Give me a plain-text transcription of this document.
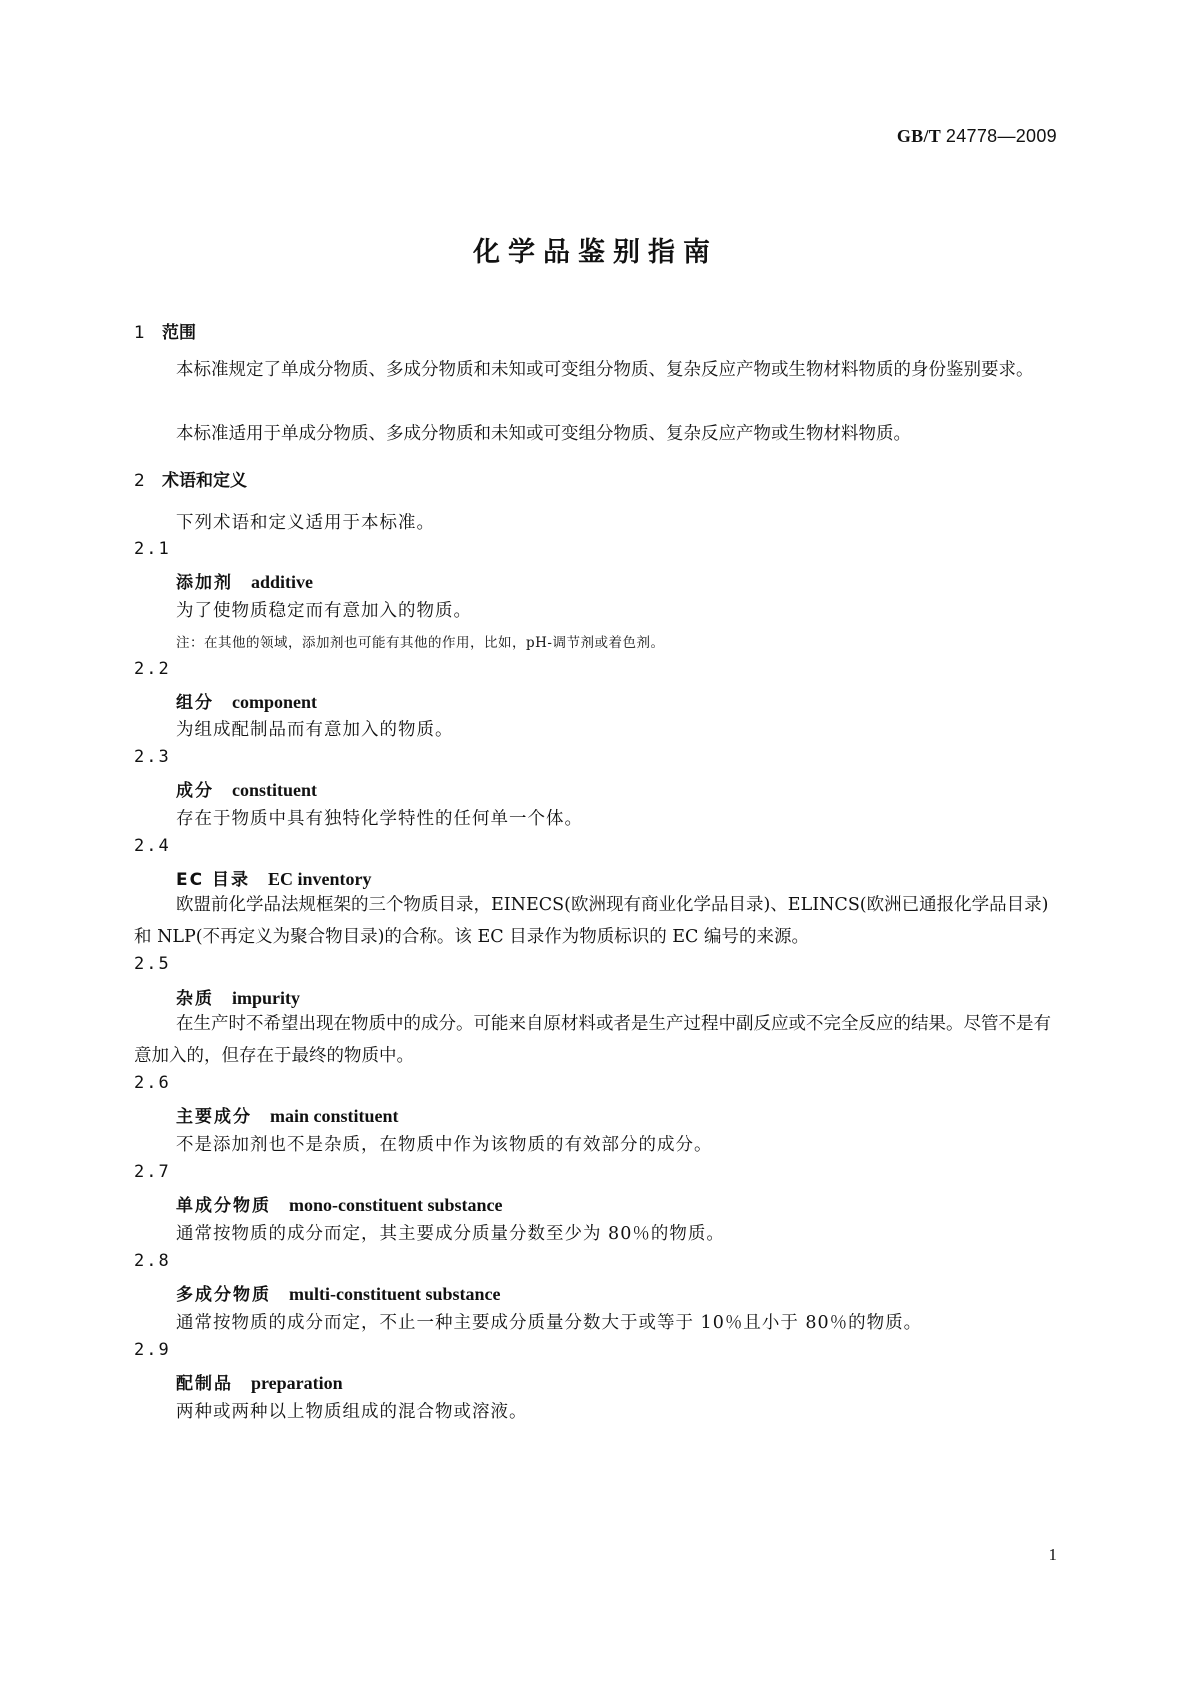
GB/T 24778—2009
化学品鉴别指南
1 范围
本标准规定了单成分物质、多成分物质和未知或可变组分物质、复杂反应产物或生物材料物质的身份鉴别要求。
本标准适用于单成分物质、多成分物质和未知或可变组分物质、复杂反应产物或生物材料物质。
2 术语和定义
下列术语和定义适用于本标准。
2.1
添加剂 additive
为了使物质稳定而有意加入的物质。
注：在其他的领域，添加剂也可能有其他的作用，比如，pH-调节剂或着色剂。
2.2
组分 component
为组成配制品而有意加入的物质。
2.3
成分 constituent
存在于物质中具有独特化学特性的任何单一个体。
2.4
EC 目录 EC inventory
欧盟前化学品法规框架的三个物质目录，EINECS(欧洲现有商业化学品目录)、ELINCS(欧洲已通报化学品目录)和 NLP(不再定义为聚合物目录)的合称。该 EC 目录作为物质标识的 EC 编号的来源。
2.5
杂质 impurity
在生产时不希望出现在物质中的成分。可能来自原材料或者是生产过程中副反应或不完全反应的结果。尽管不是有意加入的，但存在于最终的物质中。
2.6
主要成分 main constituent
不是添加剂也不是杂质，在物质中作为该物质的有效部分的成分。
2.7
单成分物质 mono-constituent substance
通常按物质的成分而定，其主要成分质量分数至少为 80％的物质。
2.8
多成分物质 multi-constituent substance
通常按物质的成分而定，不止一种主要成分质量分数大于或等于 10％且小于 80％的物质。
2.9
配制品 preparation
两种或两种以上物质组成的混合物或溶液。
1
